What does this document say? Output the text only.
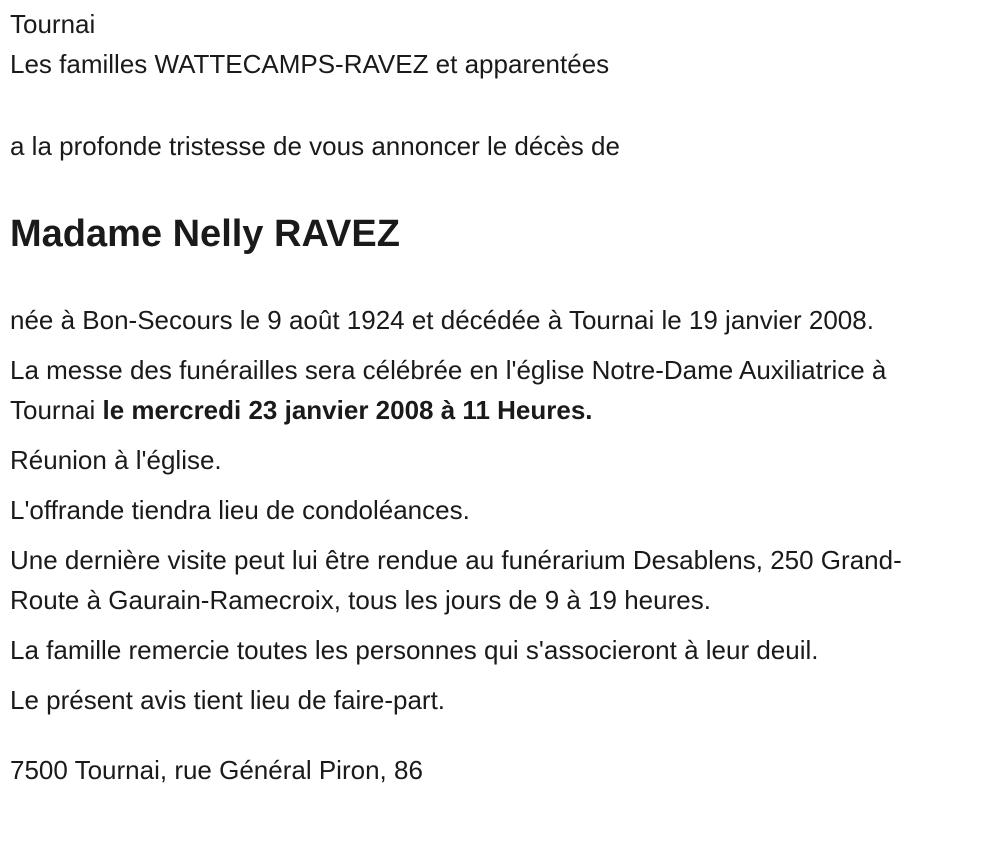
Tournai

Les familles WATTECAMPS-RAVEZ et apparentées

a la profonde tristesse de vous annoncer le décès de

Madame Nelly RAVEZ

née à Bon-Secours le 9 août 1924 et décédée à Tournai le 19 janvier 2008.

La messe des funérailles sera célébrée en l'église Notre-Dame Auxiliatrice à Tournai le mercredi 23 janvier 2008 à 11 Heures.

Réunion à l'église.

L'offrande tiendra lieu de condoléances.

Une dernière visite peut lui être rendue au funérarium Desablens, 250 Grand-Route à Gaurain-Ramecroix, tous les jours de 9 à 19 heures.

La famille remercie toutes les personnes qui s'associeront à leur deuil.

Le présent avis tient lieu de faire-part.

7500 Tournai, rue Général Piron, 86
